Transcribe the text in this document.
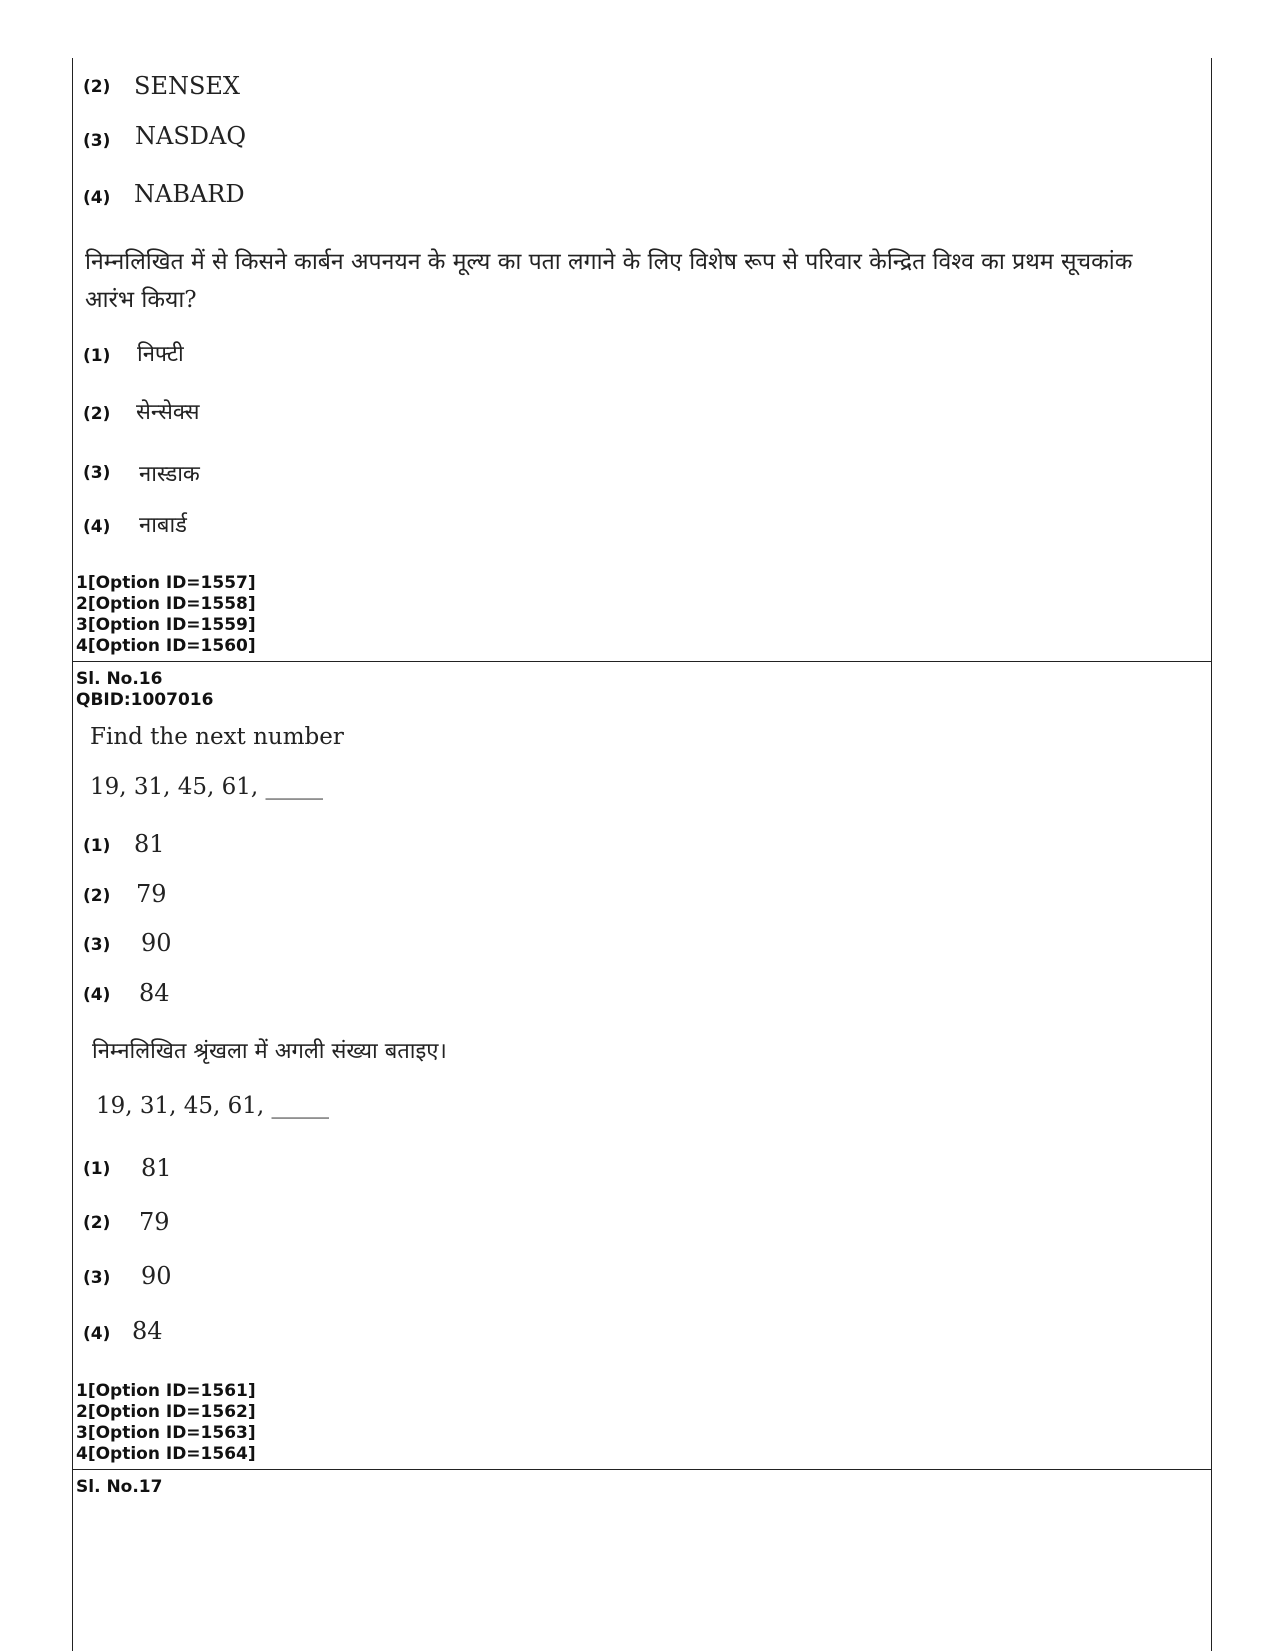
(2) SENSEX
(3) NASDAQ
(4) NABARD
निम्नलिखित में से किसने कार्बन अपनयन के मूल्य का पता लगाने के लिए विशेष रूप से परिवार केन्द्रित विश्व का प्रथम सूचकांक
आरंभ किया?
(1) निफ्टी
(2) सेन्सेक्स
(3) नास्डाक
(4) नाबार्ड
1[Option ID=1557]
2[Option ID=1558]
3[Option ID=1559]
4[Option ID=1560]
Sl. No.16
QBID:1007016
Find the next number
19, 31, 45, 61, _____
(1) 81
(2) 79
(3) 90
(4) 84
निम्नलिखित श्रृंखला में अगली संख्या बताइए।
19, 31, 45, 61, _____
(1) 81
(2) 79
(3) 90
(4) 84
1[Option ID=1561]
2[Option ID=1562]
3[Option ID=1563]
4[Option ID=1564]
Sl. No.17
